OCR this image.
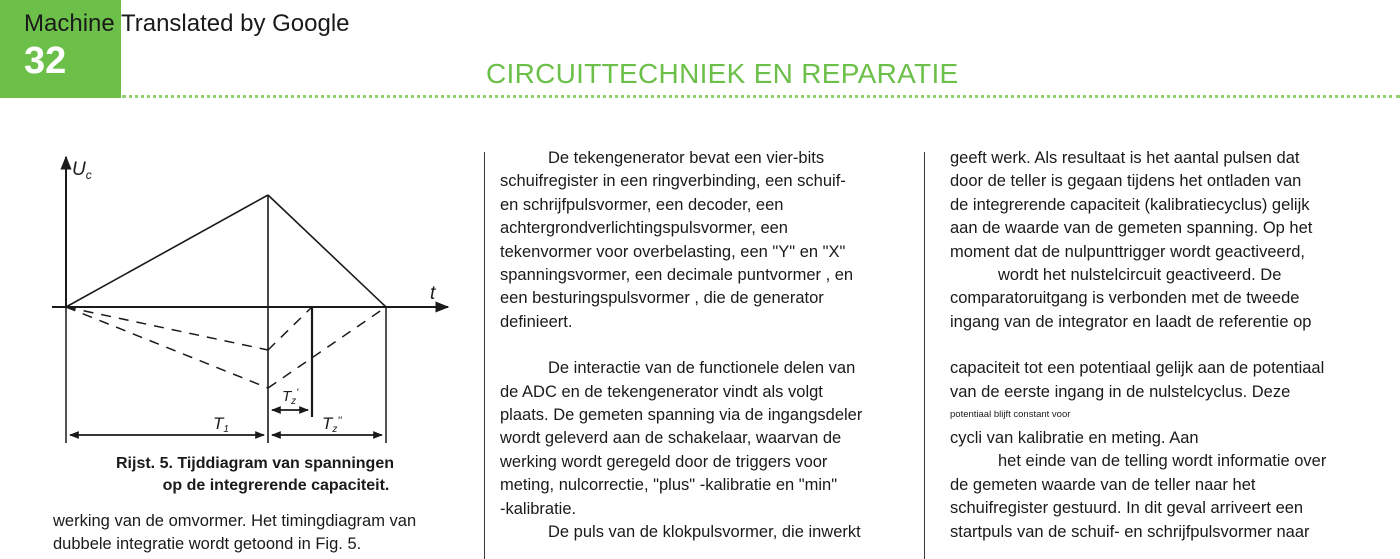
32
Machine Translated by Google
CIRCUITTECHNIEK EN REPARATIE
$U_c$
t
T1
$T_z'$
Tz''
Rijst. 5. Tijddiagram van spanningen
op de integrerende capaciteit.

werking van de omvormer. Het timingdiagram van

dubbele integratie wordt getoond in Fig. 5.

De tekengenerator bevat een vier-bits

schuifregister in een ringverbinding, een schuif-

en schrijfpulsvormer, een decoder, een

achtergrondverlichtingspulsvormer, een

tekenvormer voor overbelasting, een "Y" en "X"

spanningsvormer, een decimale puntvormer , en

een besturingspulsvormer , die de generator

definieert.

De interactie van de functionele delen van

de ADC en de tekengenerator vindt als volgt

plaats. De gemeten spanning via de ingangsdeler

wordt geleverd aan de schakelaar, waarvan de

werking wordt geregeld door de triggers voor

meting, nulcorrectie, "plus" -kalibratie en "min"

-kalibratie.

De puls van de klokpulsvormer, die inwerkt

geeft werk. Als resultaat is het aantal pulsen dat

door de teller is gegaan tijdens het ontladen van

de integrerende capaciteit (kalibratiecyclus) gelijk

aan de waarde van de gemeten spanning. Op het

moment dat de nulpunttrigger wordt geactiveerd,

wordt het nulstelcircuit geactiveerd. De

comparatoruitgang is verbonden met de tweede

ingang van de integrator en laadt de referentie op

capaciteit tot een potentiaal gelijk aan de potentiaal

van de eerste ingang in de nulstelcyclus. Deze

potentiaal blijft constant voor

cycli van kalibratie en meting. Aan

het einde van de telling wordt informatie over

de gemeten waarde van de teller naar het

schuifregister gestuurd. In dit geval arriveert een

startpuls van de schuif- en schrijfpulsvormer naar
